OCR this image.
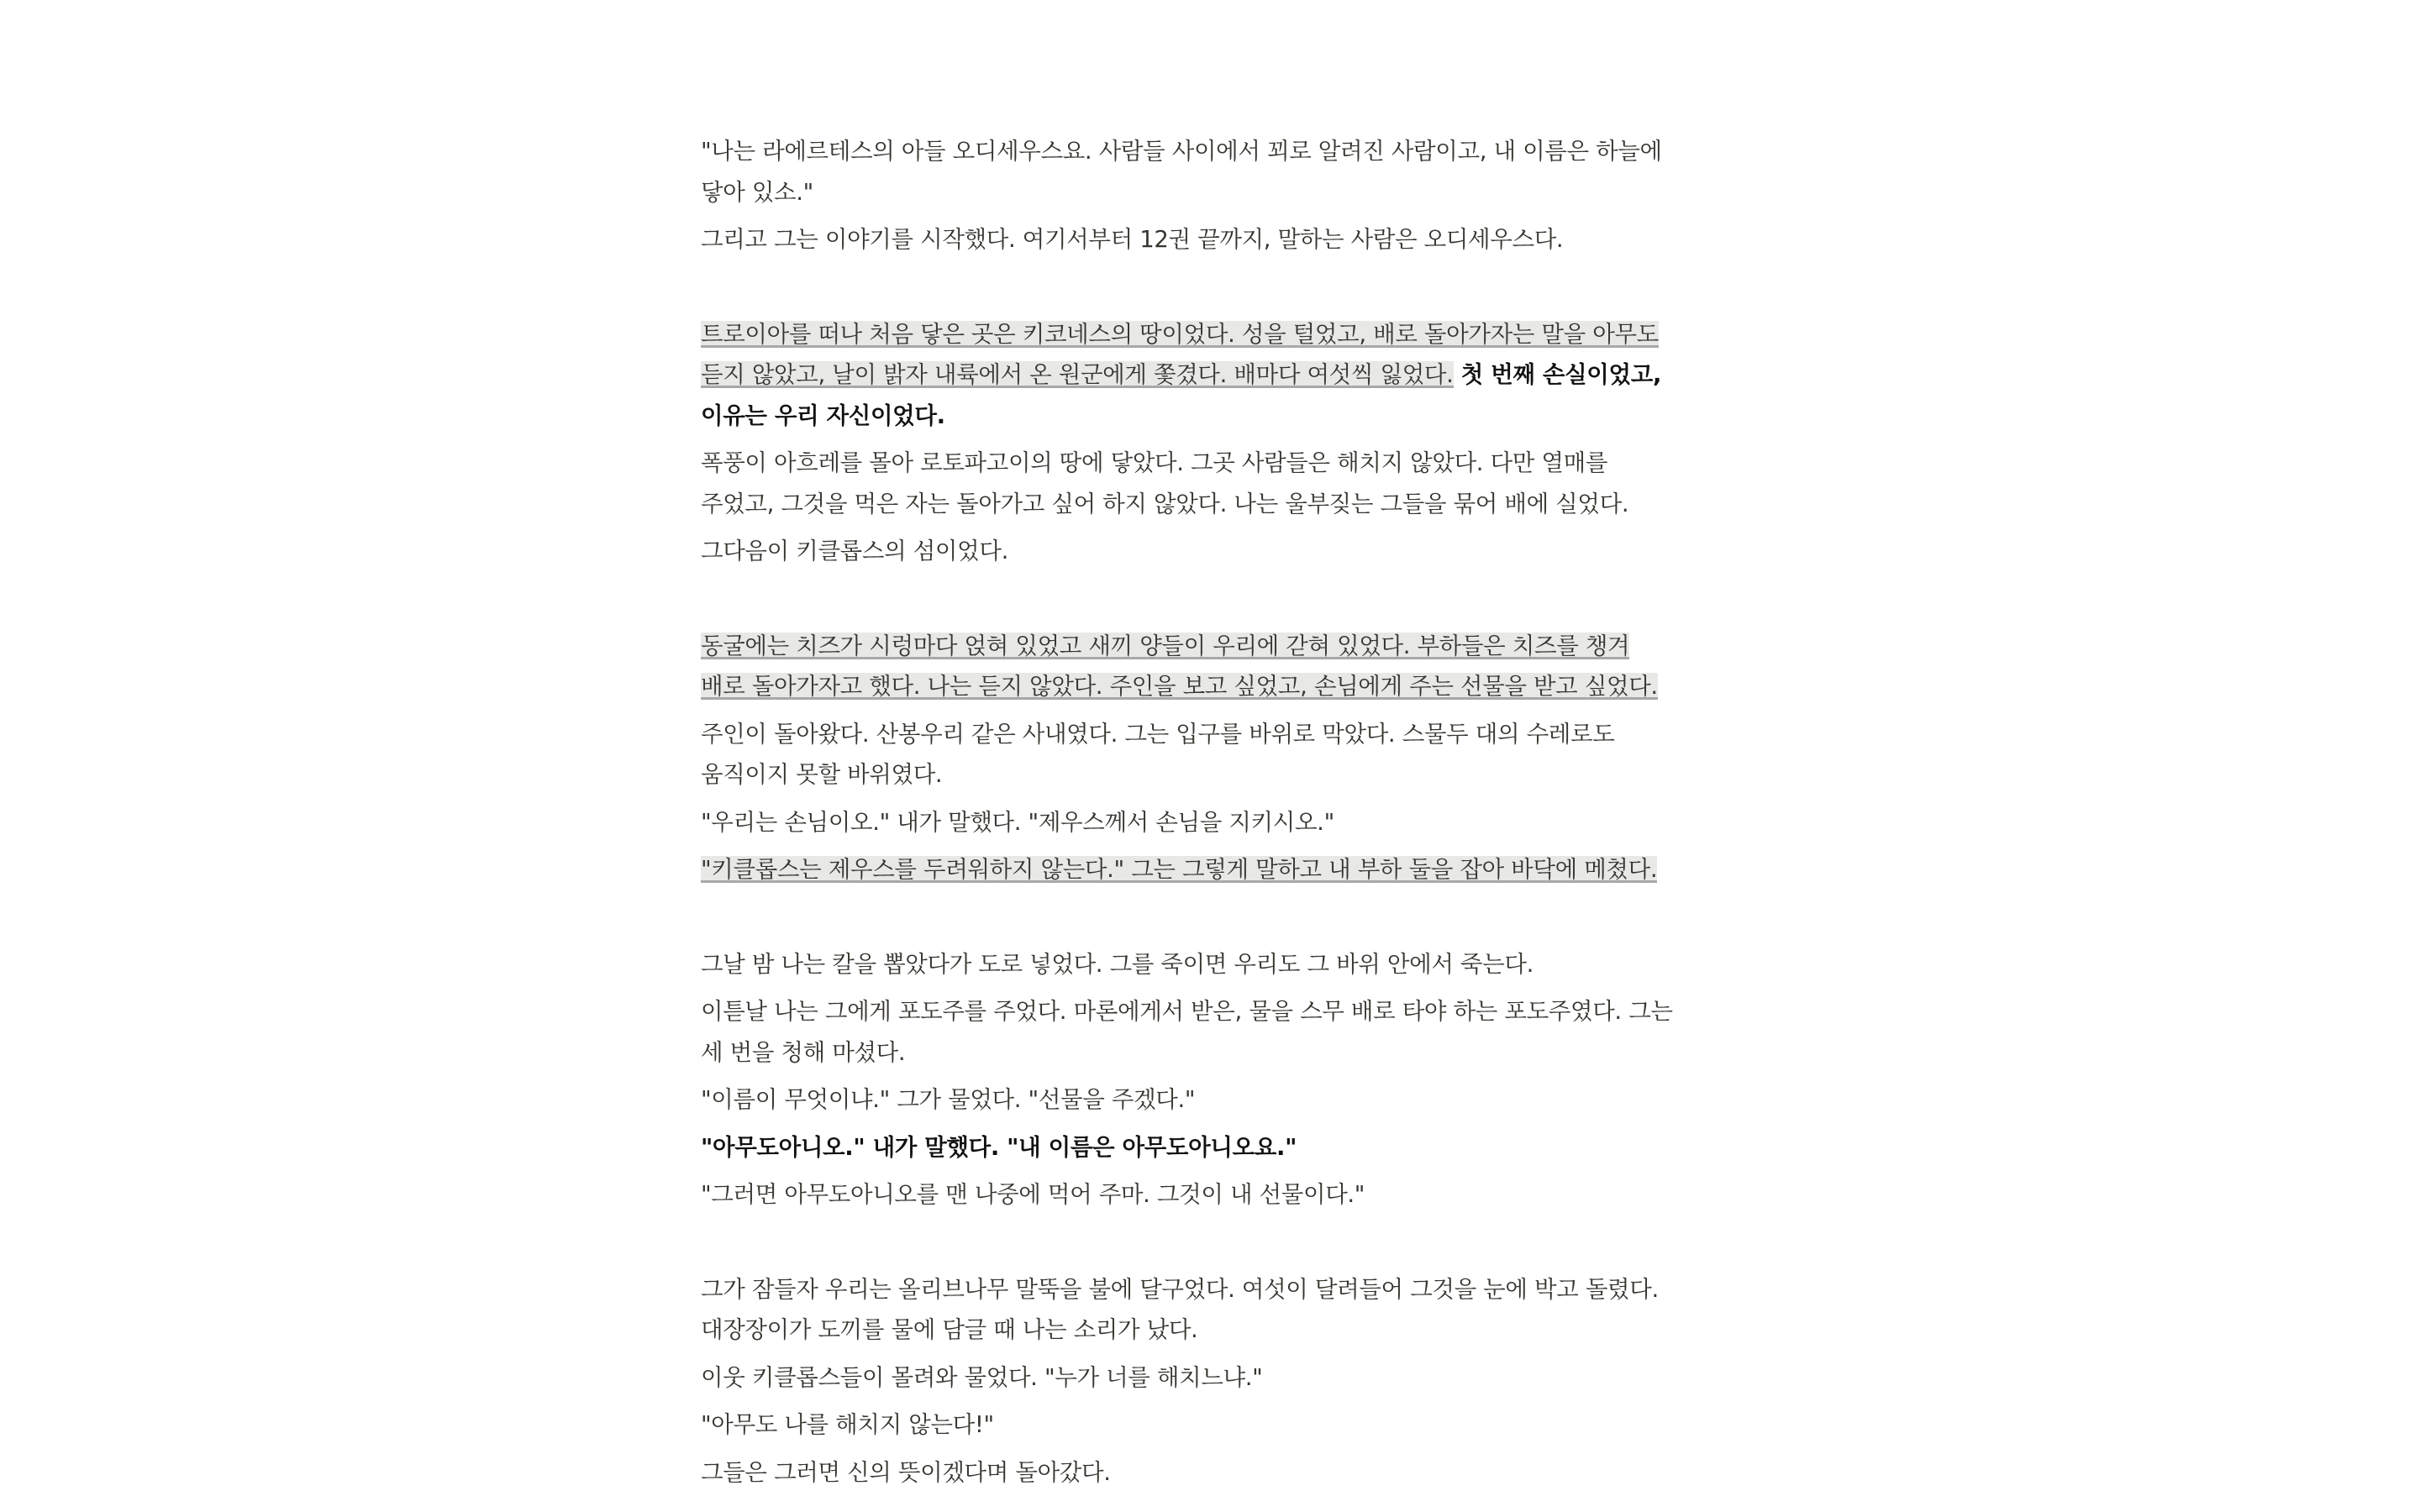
"나는 라에르테스의 아들 오디세우스요. 사람들 사이에서 꾀로 알려진 사람이고, 내 이름은 하늘에
닿아 있소."
그리고 그는 이야기를 시작했다. 여기서부터 12권 끝까지, 말하는 사람은 오디세우스다.
트로이아를 떠나 처음 닿은 곳은 키코네스의 땅이었다. 성을 털었고, 배로 돌아가자는 말을 아무도
듣지 않았고, 날이 밝자 내륙에서 온 원군에게 쫓겼다. 배마다 여섯씩 잃었다. 첫 번째 손실이었고,
이유는 우리 자신이었다.
폭풍이 아흐레를 몰아 로토파고이의 땅에 닿았다. 그곳 사람들은 해치지 않았다. 다만 열매를
주었고, 그것을 먹은 자는 돌아가고 싶어 하지 않았다. 나는 울부짖는 그들을 묶어 배에 실었다.
그다음이 키클롭스의 섬이었다.
동굴에는 치즈가 시렁마다 얹혀 있었고 새끼 양들이 우리에 갇혀 있었다. 부하들은 치즈를 챙겨
배로 돌아가자고 했다. 나는 듣지 않았다. 주인을 보고 싶었고, 손님에게 주는 선물을 받고 싶었다.
주인이 돌아왔다. 산봉우리 같은 사내였다. 그는 입구를 바위로 막았다. 스물두 대의 수레로도
움직이지 못할 바위였다.
"우리는 손님이오." 내가 말했다. "제우스께서 손님을 지키시오."
"키클롭스는 제우스를 두려워하지 않는다." 그는 그렇게 말하고 내 부하 둘을 잡아 바닥에 메쳤다.
그날 밤 나는 칼을 뽑았다가 도로 넣었다. 그를 죽이면 우리도 그 바위 안에서 죽는다.
이튿날 나는 그에게 포도주를 주었다. 마론에게서 받은, 물을 스무 배로 타야 하는 포도주였다. 그는
세 번을 청해 마셨다.
"이름이 무엇이냐." 그가 물었다. "선물을 주겠다."
"아무도아니오." 내가 말했다. "내 이름은 아무도아니오요."
"그러면 아무도아니오를 맨 나중에 먹어 주마. 그것이 내 선물이다."
그가 잠들자 우리는 올리브나무 말뚝을 불에 달구었다. 여섯이 달려들어 그것을 눈에 박고 돌렸다.
대장장이가 도끼를 물에 담글 때 나는 소리가 났다.
이웃 키클롭스들이 몰려와 물었다. "누가 너를 해치느냐."
"아무도 나를 해치지 않는다!"
그들은 그러면 신의 뜻이겠다며 돌아갔다.
